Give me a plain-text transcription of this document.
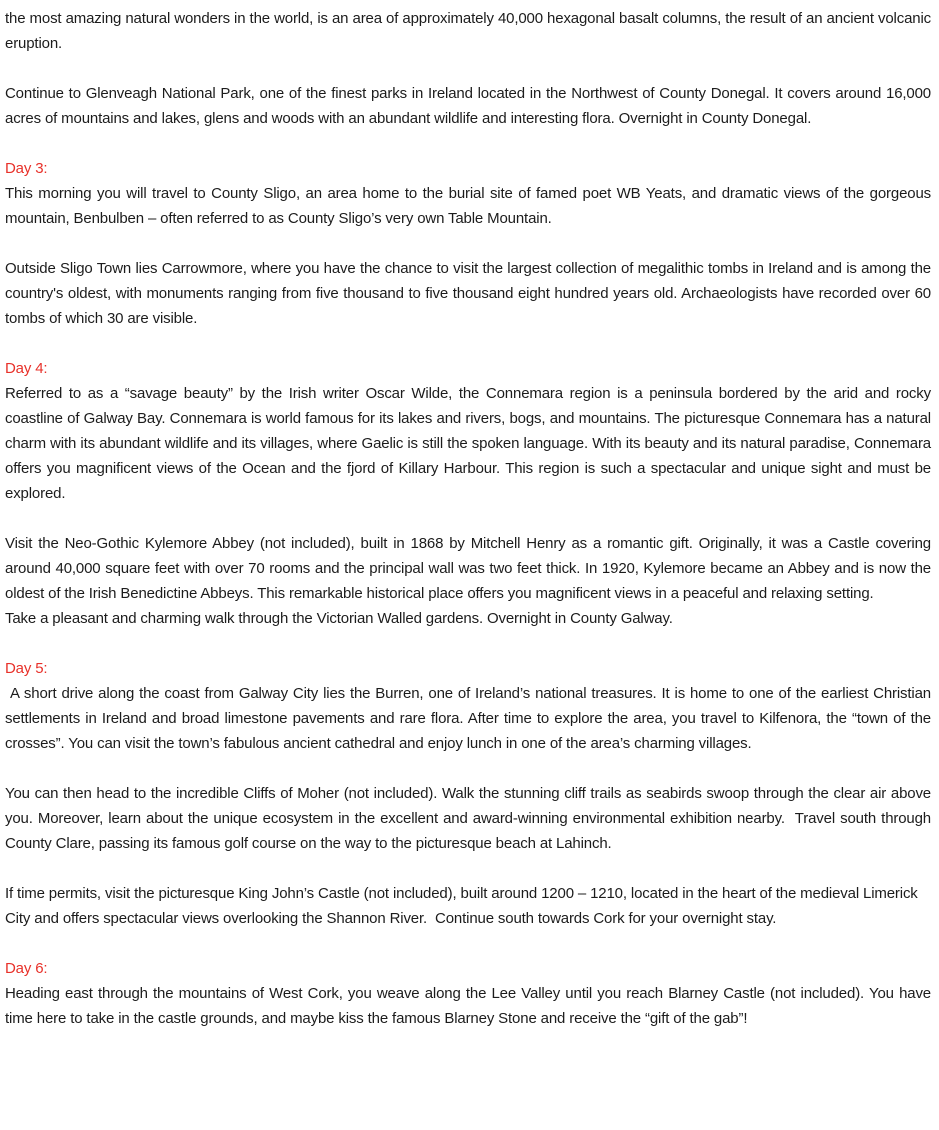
the most amazing natural wonders in the world, is an area of approximately 40,000 hexagonal basalt columns, the result of an ancient volcanic eruption.

Continue to Glenveagh National Park, one of the finest parks in Ireland located in the Northwest of County Donegal. It covers around 16,000 acres of mountains and lakes, glens and woods with an abundant wildlife and interesting flora. Overnight in County Donegal.

Day 3:

This morning you will travel to County Sligo, an area home to the burial site of famed poet WB Yeats, and dramatic views of the gorgeous mountain, Benbulben – often referred to as County Sligo’s very own Table Mountain.

Outside Sligo Town lies Carrowmore, where you have the chance to visit the largest collection of megalithic tombs in Ireland and is among the country's oldest, with monuments ranging from five thousand to five thousand eight hundred years old. Archaeologists have recorded over 60 tombs of which 30 are visible.

Day 4:

Referred to as a “savage beauty” by the Irish writer Oscar Wilde, the Connemara region is a peninsula bordered by the arid and rocky coastline of Galway Bay. Connemara is world famous for its lakes and rivers, bogs, and mountains. The picturesque Connemara has a natural charm with its abundant wildlife and its villages, where Gaelic is still the spoken language. With its beauty and its natural paradise, Connemara offers you magnificent views of the Ocean and the fjord of Killary Harbour. This region is such a spectacular and unique sight and must be explored.

Visit the Neo-Gothic Kylemore Abbey (not included), built in 1868 by Mitchell Henry as a romantic gift. Originally, it was a Castle covering around 40,000 square feet with over 70 rooms and the principal wall was two feet thick. In 1920, Kylemore became an Abbey and is now the oldest of the Irish Benedictine Abbeys. This remarkable historical place offers you magnificent views in a peaceful and relaxing setting.

Take a pleasant and charming walk through the Victorian Walled gardens. Overnight in County Galway.

Day 5:

A short drive along the coast from Galway City lies the Burren, one of Ireland’s national treasures. It is home to one of the earliest Christian settlements in Ireland and broad limestone pavements and rare flora. After time to explore the area, you travel to Kilfenora, the “town of the crosses”. You can visit the town’s fabulous ancient cathedral and enjoy lunch in one of the area’s charming villages.

You can then head to the incredible Cliffs of Moher (not included). Walk the stunning cliff trails as seabirds swoop through the clear air above you. Moreover, learn about the unique ecosystem in the excellent and award-winning environmental exhibition nearby.  Travel south through County Clare, passing its famous golf course on the way to the picturesque beach at Lahinch.

If time permits, visit the picturesque King John’s Castle (not included), built around 1200 – 1210, located in the heart of the medieval Limerick City and offers spectacular views overlooking the Shannon River.  Continue south towards Cork for your overnight stay.

Day 6:

Heading east through the mountains of West Cork, you weave along the Lee Valley until you reach Blarney Castle (not included). You have time here to take in the castle grounds, and maybe kiss the famous Blarney Stone and receive the “gift of the gab”!
